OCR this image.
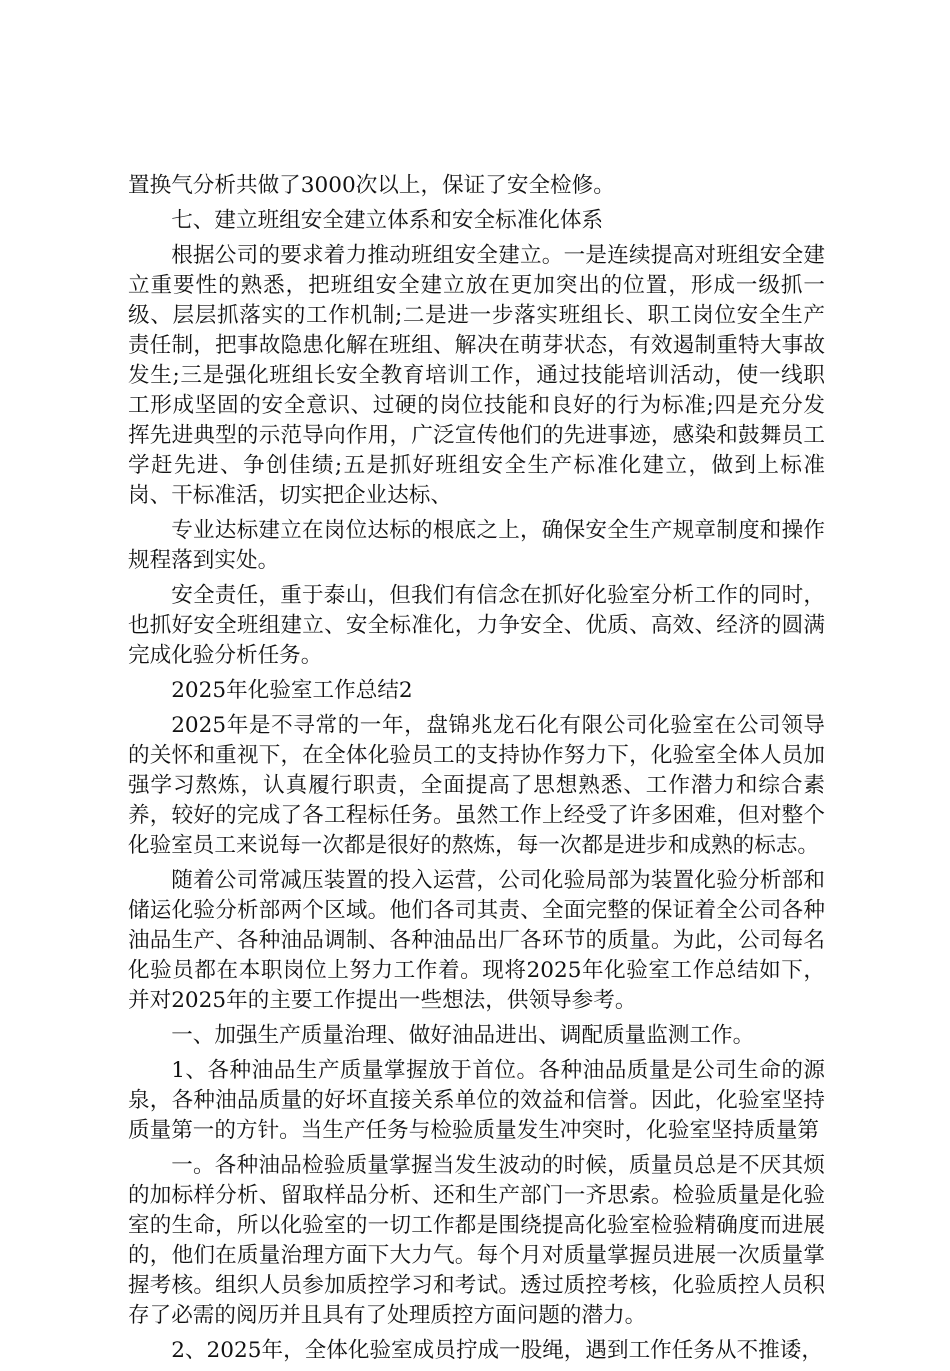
置换气分析共做了3000次以上，保证了安全检修。

七、建立班组安全建立体系和安全标准化体系

根据公司的要求着力推动班组安全建立。一是连续提高对班组安全建立重要性的熟悉，把班组安全建立放在更加突出的位置，形成一级抓一级、层层抓落实的工作机制;二是进一步落实班组长、职工岗位安全生产责任制，把事故隐患化解在班组、解决在萌芽状态，有效遏制重特大事故发生;三是强化班组长安全教育培训工作，通过技能培训活动，使一线职工形成坚固的安全意识、过硬的岗位技能和良好的行为标准;四是充分发挥先进典型的示范导向作用，广泛宣传他们的先进事迹，感染和鼓舞员工学赶先进、争创佳绩;五是抓好班组安全生产标准化建立，做到上标准岗、干标准活，切实把企业达标、

专业达标建立在岗位达标的根底之上，确保安全生产规章制度和操作规程落到实处。

安全责任，重于泰山，但我们有信念在抓好化验室分析工作的同时，也抓好安全班组建立、安全标准化，力争安全、优质、高效、经济的圆满完成化验分析任务。

2025年化验室工作总结2

2025年是不寻常的一年，盘锦兆龙石化有限公司化验室在公司领导的关怀和重视下，在全体化验员工的支持协作努力下，化验室全体人员加强学习熬炼，认真履行职责，全面提高了思想熟悉、工作潜力和综合素养，较好的完成了各工程标任务。虽然工作上经受了许多困难，但对整个化验室员工来说每一次都是很好的熬炼，每一次都是进步和成熟的标志。

随着公司常减压装置的投入运营，公司化验局部为装置化验分析部和储运化验分析部两个区域。他们各司其责、全面完整的保证着全公司各种油品生产、各种油品调制、各种油品出厂各环节的质量。为此，公司每名化验员都在本职岗位上努力工作着。现将2025年化验室工作总结如下，并对2025年的主要工作提出一些想法，供领导参考。

一、加强生产质量治理、做好油品进出、调配质量监测工作。

1、各种油品生产质量掌握放于首位。各种油品质量是公司生命的源泉，各种油品质量的好坏直接关系单位的效益和信誉。因此，化验室坚持质量第一的方针。当生产任务与检验质量发生冲突时，化验室坚持质量第

一。各种油品检验质量掌握当发生波动的时候，质量员总是不厌其烦的加标样分析、留取样品分析、还和生产部门一齐思索。检验质量是化验室的生命，所以化验室的一切工作都是围绕提高化验室检验精确度而进展的，他们在质量治理方面下大力气。每个月对质量掌握员进展一次质量掌握考核。组织人员参加质控学习和考试。透过质控考核，化验质控人员积存了必需的阅历并且具有了处理质控方面问题的潜力。

2、2025年，全体化验室成员拧成一股绳，遇到工作任务从不推诿，
